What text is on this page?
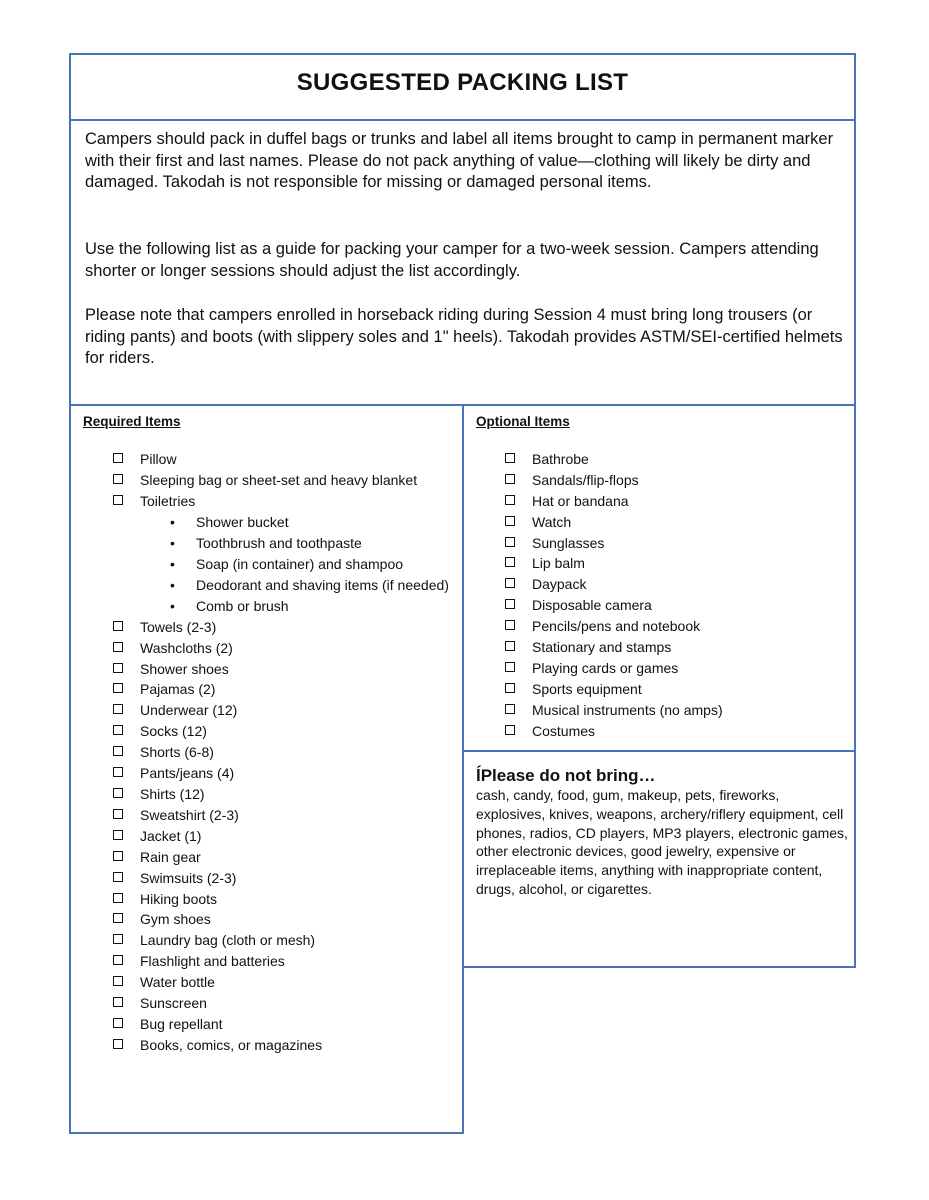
SUGGESTED PACKING LIST

Campers should pack in duffel bags or trunks and label all items brought to camp in permanent marker with their first and last names. Please do not pack anything of value—clothing will likely be dirty and damaged. Takodah is not responsible for missing or damaged personal items.

Use the following list as a guide for packing your camper for a two-week session. Campers attending shorter or longer sessions should adjust the list accordingly.

Please note that campers enrolled in horseback riding during Session 4 must bring long trousers (or riding pants) and boots (with slippery soles and 1" heels). Takodah provides ASTM/SEI-certified helmets for riders.

Required Items
Pillow
Sleeping bag or sheet-set and heavy blanket
Toiletries
• Shower bucket
• Toothbrush and toothpaste
• Soap (in container) and shampoo
• Deodorant and shaving items (if needed)
• Comb or brush
Towels (2-3)
Washcloths (2)
Shower shoes
Pajamas (2)
Underwear (12)
Socks (12)
Shorts (6-8)
Pants/jeans (4)
Shirts (12)
Sweatshirt (2-3)
Jacket (1)
Rain gear
Swimsuits (2-3)
Hiking boots
Gym shoes
Laundry bag (cloth or mesh)
Flashlight and batteries
Water bottle
Sunscreen
Bug repellant
Books, comics, or magazines
Optional Items
Bathrobe
Sandals/flip-flops
Hat or bandana
Watch
Sunglasses
Lip balm
Daypack
Disposable camera
Pencils/pens and notebook
Stationary and stamps
Playing cards or games
Sports equipment
Musical instruments (no amps)
Costumes
ĺPlease do not bring…

cash, candy, food, gum, makeup, pets, fireworks, explosives, knives, weapons, archery/riflery equipment, cell phones, radios, CD players, MP3 players, electronic games, other electronic devices, good jewelry, expensive or irreplaceable items, anything with inappropriate content, drugs, alcohol, or cigarettes.
